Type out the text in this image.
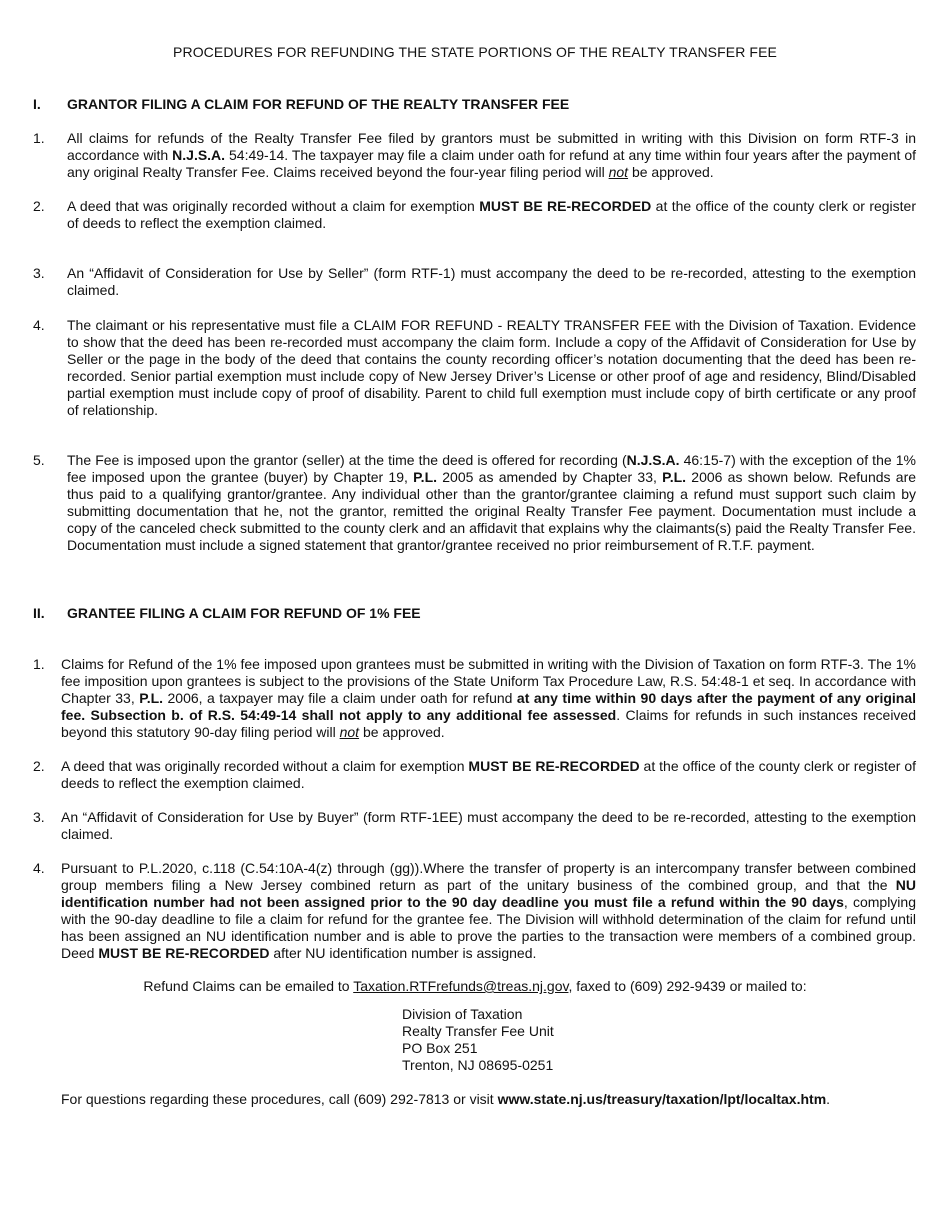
PROCEDURES FOR REFUNDING THE STATE PORTIONS OF THE REALTY TRANSFER FEE
I. GRANTOR FILING A CLAIM FOR REFUND OF THE REALTY TRANSFER FEE
1. All claims for refunds of the Realty Transfer Fee filed by grantors must be submitted in writing with this Division on form RTF-3 in accordance with N.J.S.A. 54:49-14. The taxpayer may file a claim under oath for refund at any time within four years after the payment of any original Realty Transfer Fee. Claims received beyond the four-year filing period will not be approved.
2. A deed that was originally recorded without a claim for exemption MUST BE RE-RECORDED at the office of the county clerk or register of deeds to reflect the exemption claimed.
3. An “Affidavit of Consideration for Use by Seller” (form RTF-1) must accompany the deed to be re-recorded, attesting to the exemption claimed.
4. The claimant or his representative must file a CLAIM FOR REFUND - REALTY TRANSFER FEE with the Division of Taxation. Evidence to show that the deed has been re-recorded must accompany the claim form. Include a copy of the Affidavit of Consideration for Use by Seller or the page in the body of the deed that contains the county recording officer’s notation documenting that the deed has been re-recorded. Senior partial exemption must include copy of New Jersey Driver’s License or other proof of age and residency, Blind/Disabled partial exemption must include copy of proof of disability. Parent to child full exemption must include copy of birth certificate or any proof of relationship.
5. The Fee is imposed upon the grantor (seller) at the time the deed is offered for recording (N.J.S.A. 46:15-7) with the exception of the 1% fee imposed upon the grantee (buyer) by Chapter 19, P.L. 2005 as amended by Chapter 33, P.L. 2006 as shown below. Refunds are thus paid to a qualifying grantor/grantee. Any individual other than the grantor/grantee claiming a refund must support such claim by submitting documentation that he, not the grantor, remitted the original Realty Transfer Fee payment. Documentation must include a copy of the canceled check submitted to the county clerk and an affidavit that explains why the claimants(s) paid the Realty Transfer Fee. Documentation must include a signed statement that grantor/grantee received no prior reimbursement of R.T.F. payment.
II. GRANTEE FILING A CLAIM FOR REFUND OF 1% FEE
1. Claims for Refund of the 1% fee imposed upon grantees must be submitted in writing with the Division of Taxation on form RTF-3. The 1% fee imposition upon grantees is subject to the provisions of the State Uniform Tax Procedure Law, R.S. 54:48-1 et seq. In accordance with Chapter 33, P.L. 2006, a taxpayer may file a claim under oath for refund at any time within 90 days after the payment of any original fee. Subsection b. of R.S. 54:49-14 shall not apply to any additional fee assessed. Claims for refunds in such instances received beyond this statutory 90-day filing period will not be approved.
2. A deed that was originally recorded without a claim for exemption MUST BE RE-RECORDED at the office of the county clerk or register of deeds to reflect the exemption claimed.
3. An “Affidavit of Consideration for Use by Buyer” (form RTF-1EE) must accompany the deed to be re-recorded, attesting to the exemption claimed.
4. Pursuant to P.L.2020, c.118 (C.54:10A-4(z) through (gg)).Where the transfer of property is an intercompany transfer between combined group members filing a New Jersey combined return as part of the unitary business of the combined group, and that the NU identification number had not been assigned prior to the 90 day deadline you must file a refund within the 90 days, complying with the 90-day deadline to file a claim for refund for the grantee fee. The Division will withhold determination of the claim for refund until has been assigned an NU identification number and is able to prove the parties to the transaction were members of a combined group. Deed MUST BE RE-RECORDED after NU identification number is assigned.
Refund Claims can be emailed to Taxation.RTFrefunds@treas.nj.gov, faxed to (609) 292-9439 or mailed to:
Division of Taxation
Realty Transfer Fee Unit
PO Box 251
Trenton, NJ 08695-0251
For questions regarding these procedures, call (609) 292-7813 or visit www.state.nj.us/treasury/taxation/lpt/localtax.htm.
